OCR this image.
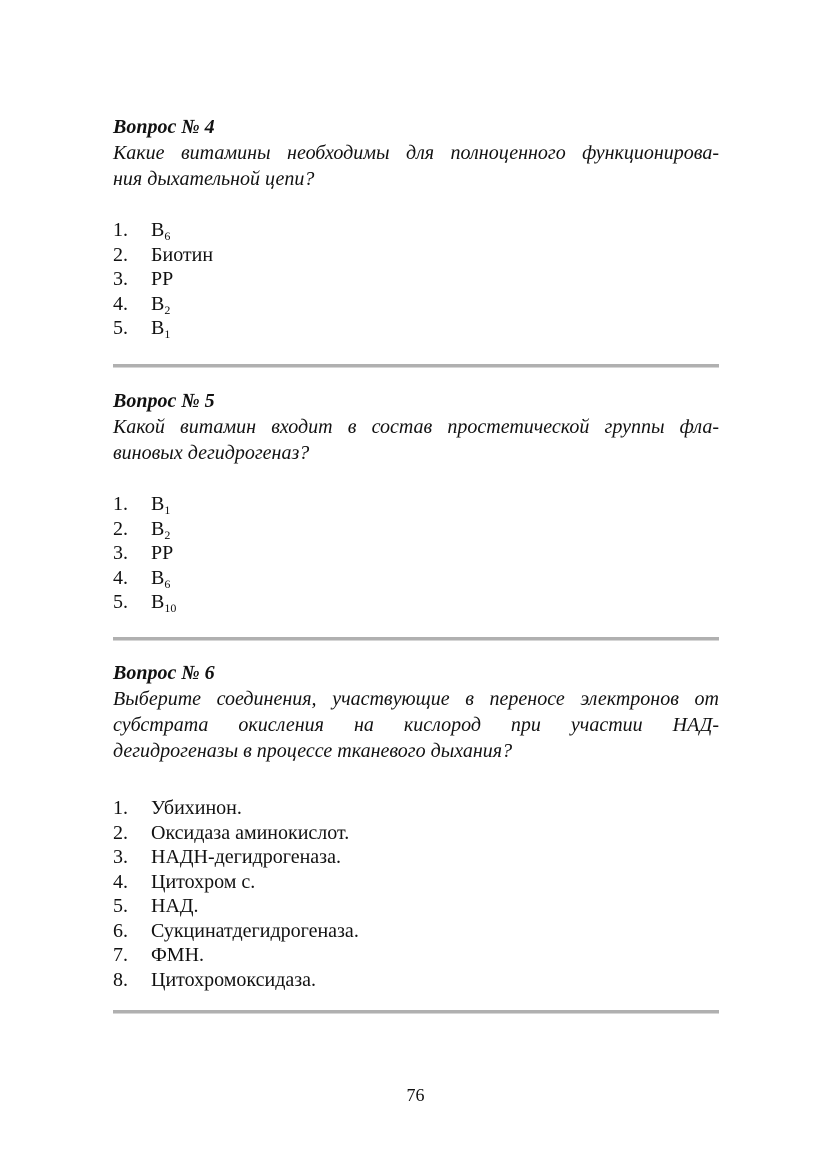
Вопрос № 4

Какие витамины необходимы для полноценного функционирова-
ния дыхательной цепи?

1.	$B_6$
2.	Биотин
3.	PP
4.	$B_2$
5.	$B_1$

Вопрос № 5

Какой витамин входит в состав простетической группы фла-
виновых дегидрогеназ?

1.	$B_1$
2.	$B_2$
3.	PP
4.	$B_6$
5.	$B_{10}$

Вопрос № 6

Выберите соединения, участвующие в переносе электронов от
субстрата окисления на кислород при участии НАД-
дегидрогеназы в процессе тканевого дыхания?

1.	Убихинон.
2.	Оксидаза аминокислот.
3.	НАДН-дегидрогеназа.
4.	Цитохром с.
5.	НАД.
6.	Сукцинатдегидрогеназа.
7.	ФМН.
8.	Цитохромоксидаза.
76
